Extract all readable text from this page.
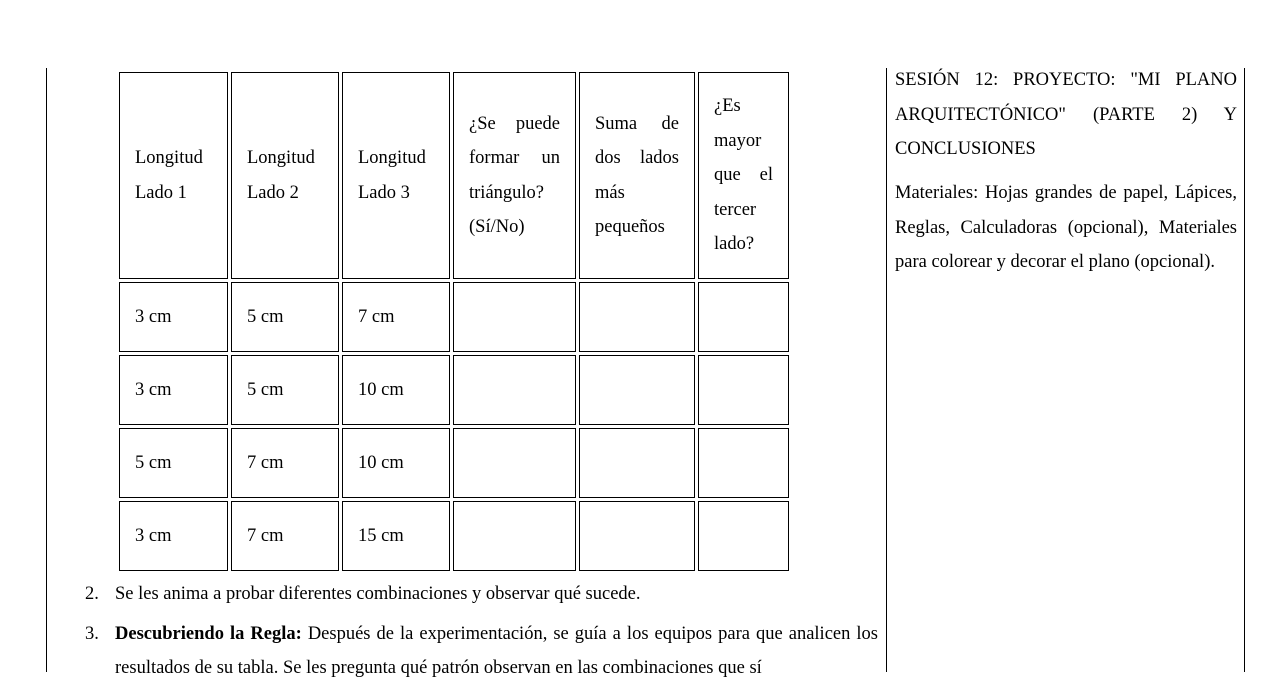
Longitud Lado 1	Longitud Lado 2	Longitud Lado 3	¿Se puede formar un triángulo? (Sí/No)	Suma de dos lados más pequeños	¿Es mayor que el tercer lado?

3 cm	5 cm	7 cm			
3 cm	5 cm	10 cm			
5 cm	7 cm	10 cm			
3 cm	7 cm	15 cm			
2. Se les anima a probar diferentes combinaciones y observar qué sucede.
3. Descubriendo la Regla: Después de la experimentación, se guía a los equipos para que analicen los resultados de su tabla. Se les pregunta qué patrón observan en las combinaciones que sí
SESIÓN 12: PROYECTO: "MI PLANO ARQUITECTÓNICO" (PARTE 2) Y CONCLUSIONES
Materiales: Hojas grandes de papel, Lápices, Reglas, Calculadoras (opcional), Materiales para colorear y decorar el plano (opcional).
